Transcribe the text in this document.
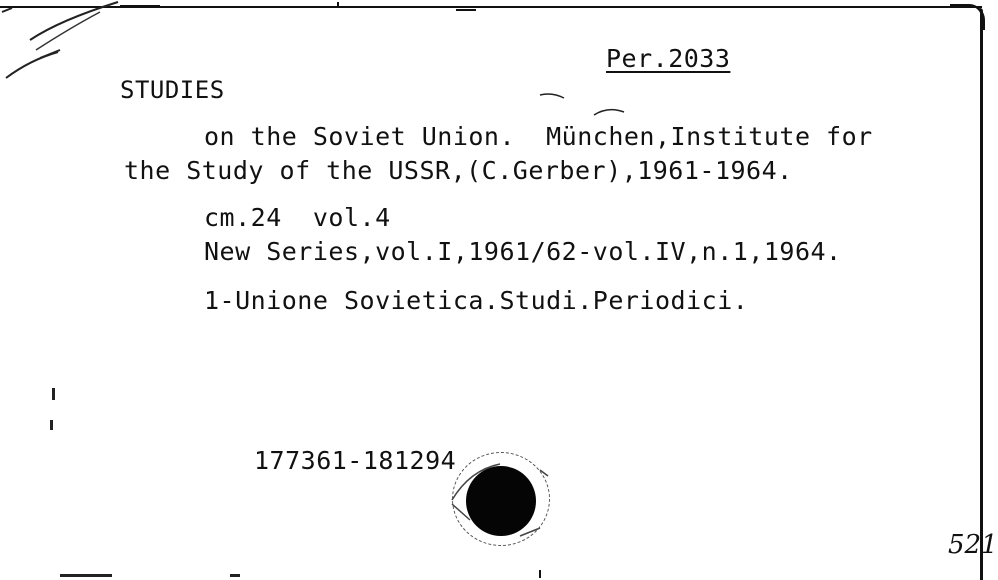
Per.2033
STUDIES
on the Soviet Union.  München,Institute for
the Study of the USSR,(C.Gerber),1961-1964.
cm.24  vol.4
New Series,vol.I,1961/62-vol.IV,n.1,1964.
1-Unione Sovietica.Studi.Periodici.
177361-181294
521
